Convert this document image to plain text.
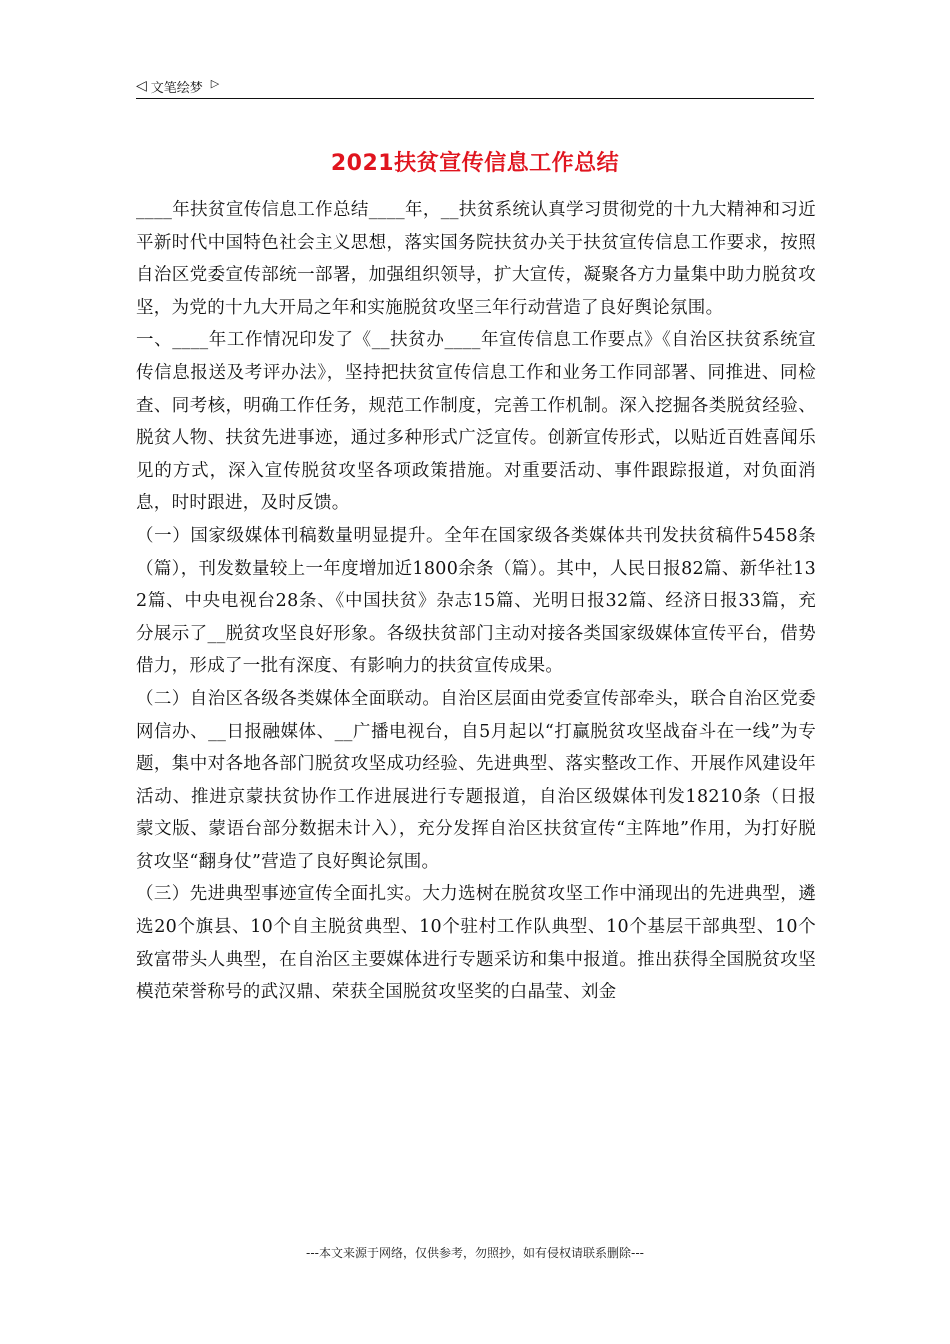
◁ 文笔绘梦 ▷
2021扶贫宣传信息工作总结

____年扶贫宣传信息工作总结____年，__扶贫系统认真学习贯彻党的十九大精神和习近平新时代中国特色社会主义思想，落实国务院扶贫办关于扶贫宣传信息工作要求，按照自治区党委宣传部统一部署，加强组织领导，扩大宣传，凝聚各方力量集中助力脱贫攻坚，为党的十九大开局之年和实施脱贫攻坚三年行动营造了良好舆论氛围。

一、____年工作情况印发了《__扶贫办____年宣传信息工作要点》《自治区扶贫系统宣传信息报送及考评办法》，坚持把扶贫宣传信息工作和业务工作同部署、同推进、同检查、同考核，明确工作任务，规范工作制度，完善工作机制。深入挖掘各类脱贫经验、脱贫人物、扶贫先进事迹，通过多种形式广泛宣传。创新宣传形式，以贴近百姓喜闻乐见的方式，深入宣传脱贫攻坚各项政策措施。对重要活动、事件跟踪报道，对负面消息，时时跟进，及时反馈。

（一）国家级媒体刊稿数量明显提升。全年在国家级各类媒体共刊发扶贫稿件5458条（篇），刊发数量较上一年度增加近1800余条（篇）。其中，人民日报82篇、新华社132篇、中央电视台28条、《中国扶贫》杂志15篇、光明日报32篇、经济日报33篇，充分展示了__脱贫攻坚良好形象。各级扶贫部门主动对接各类国家级媒体宣传平台，借势借力，形成了一批有深度、有影响力的扶贫宣传成果。

（二）自治区各级各类媒体全面联动。自治区层面由党委宣传部牵头，联合自治区党委网信办、__日报融媒体、__广播电视台，自5月起以“打赢脱贫攻坚战奋斗在一线”为专题，集中对各地各部门脱贫攻坚成功经验、先进典型、落实整改工作、开展作风建设年活动、推进京蒙扶贫协作工作进展进行专题报道，自治区级媒体刊发18210条（日报蒙文版、蒙语台部分数据未计入），充分发挥自治区扶贫宣传“主阵地”作用，为打好脱贫攻坚“翻身仗”营造了良好舆论氛围。

（三）先进典型事迹宣传全面扎实。大力选树在脱贫攻坚工作中涌现出的先进典型，遴选20个旗县、10个自主脱贫典型、10个驻村工作队典型、10个基层干部典型、10个致富带头人典型，在自治区主要媒体进行专题采访和集中报道。推出获得全国脱贫攻坚模范荣誉称号的武汉鼎、荣获全国脱贫攻坚奖的白晶莹、刘金

---本文来源于网络，仅供参考，勿照抄，如有侵权请联系删除---
